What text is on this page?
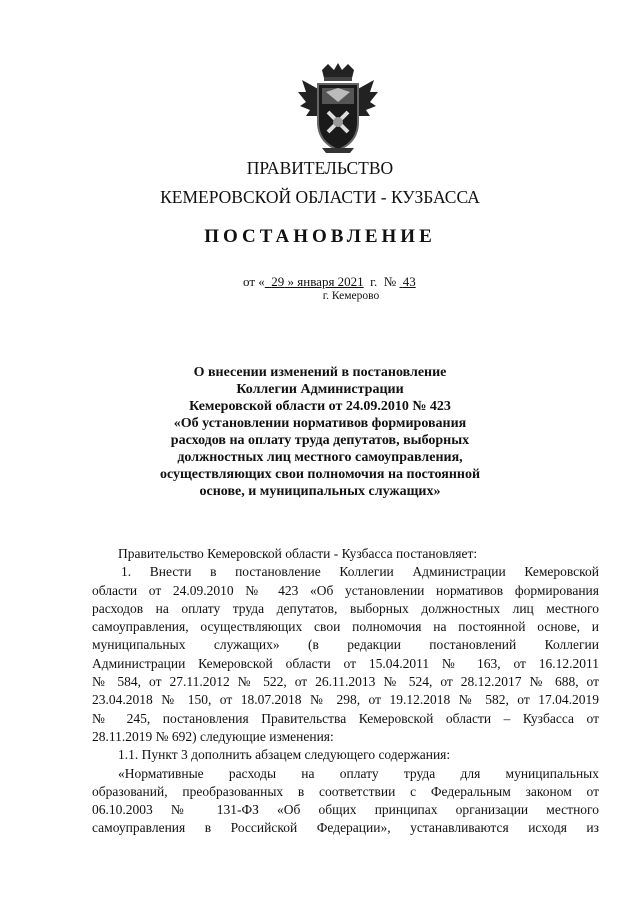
ПРАВИТЕЛЬСТВО
КЕМЕРОВСКОЙ ОБЛАСТИ - КУЗБАССА
ПОСТАНОВЛЕНИЕ
от « 29 » января 2021 г. № 43
г. Кемерово
О внесении изменений в постановление
Коллегии Администрации
Кемеровской области от 24.09.2010 № 423
«Об установлении нормативов формирования
расходов на оплату труда депутатов, выборных
должностных лиц местного самоуправления,
осуществляющих свои полномочия на постоянной
основе, и муниципальных служащих»
Правительство Кемеровской области - Кузбасса постановляет:
1. Внести в постановление Коллегии Администрации Кемеровской
области от 24.09.2010 № 423 «Об установлении нормативов формирования
расходов на оплату труда депутатов, выборных должностных лиц местного
самоуправления, осуществляющих свои полномочия на постоянной основе, и
муниципальных служащих» (в редакции постановлений Коллегии
Администрации Кемеровской области от 15.04.2011 № 163, от 16.12.2011
№ 584, от 27.11.2012 № 522, от 26.11.2013 № 524, от 28.12.2017 № 688, от
23.04.2018 № 150, от 18.07.2018 № 298, от 19.12.2018 № 582, от 17.04.2019
№ 245, постановления Правительства Кемеровской области – Кузбасса от
28.11.2019 № 692) следующие изменения:
1.1. Пункт 3 дополнить абзацем следующего содержания:
«Нормативные расходы на оплату труда для муниципальных
образований, преобразованных в соответствии с Федеральным законом от
06.10.2003 № 131-ФЗ «Об общих принципах организации местного
самоуправления в Российской Федерации», устанавливаются исходя из
